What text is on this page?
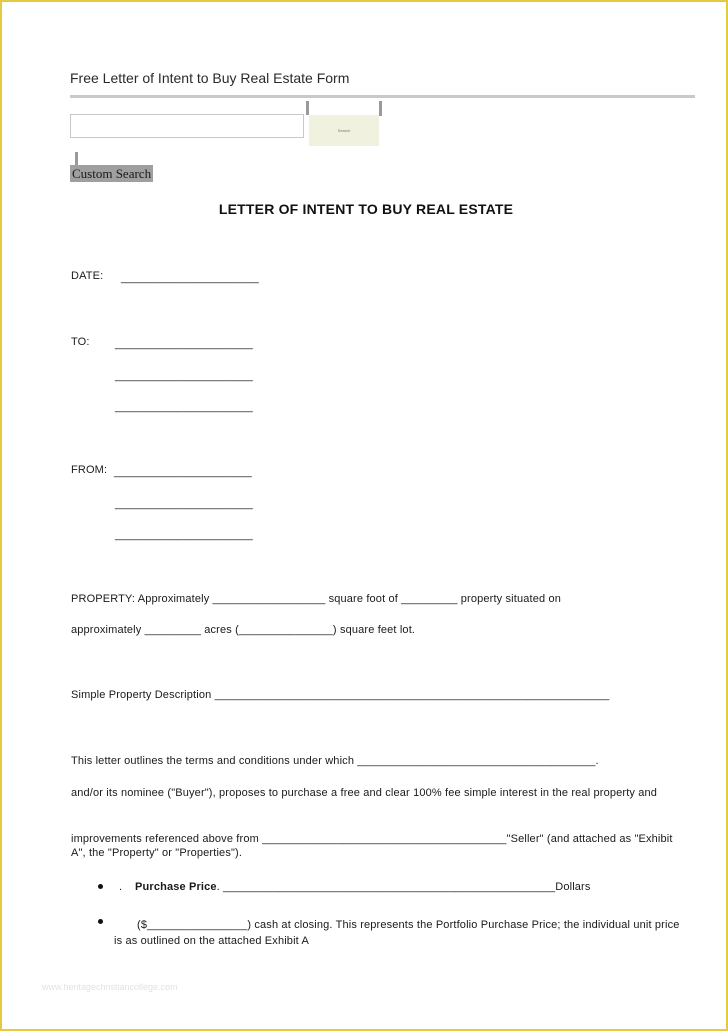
Free Letter of Intent to Buy Real Estate Form
Search
Custom Search
LETTER OF INTENT TO BUY REAL ESTATE
DATE: ______________________
TO: ______________________
______________________
______________________
FROM: ______________________
______________________
______________________
PROPERTY: Approximately __________________ square foot of _________ property situated on
approximately _________ acres (_______________) square feet lot.
Simple Property Description _______________________________________________________________
This letter outlines the terms and conditions under which ______________________________________.
and/or its nominee ("Buyer"), proposes to purchase a free and clear 100% fee simple interest in the real property and
improvements referenced above from _______________________________________"Seller" (and attached as "Exhibit A", the "Property" or "Properties").
. Purchase Price. _____________________________________________________Dollars
($________________) cash at closing. This represents the Portfolio Purchase Price; the individual unit price is as outlined on the attached Exhibit A
www.heritagechristiancollege.com
